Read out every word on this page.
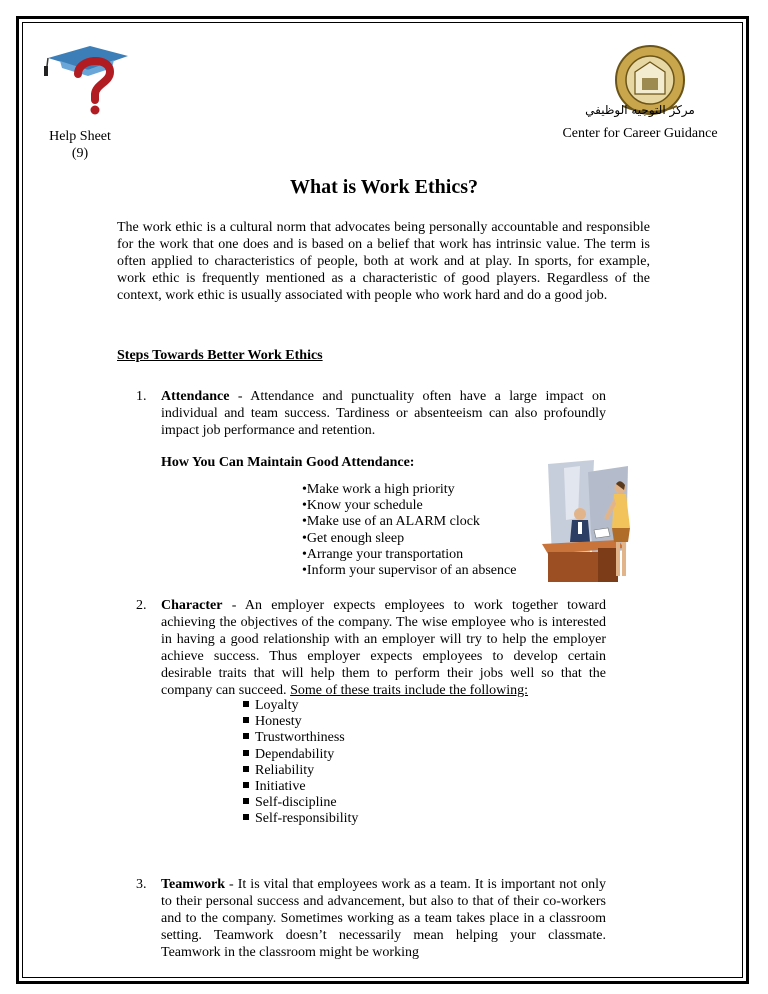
مركز التوجيه الوظيفي
Center for Career Guidance
Help Sheet
(9)
What is Work Ethics?

The work ethic is a cultural norm that advocates being personally accountable and responsible for the work that one does and is based on a belief that work has intrinsic value. The term is often applied to characteristics of people, both at work and at play. In sports, for example, work ethic is frequently mentioned as a characteristic of good players. Regardless of the context, work ethic is usually associated with people who work hard and do a good job.

Steps Towards Better Work Ethics

1. Attendance - Attendance and punctuality often have a large impact on individual and team success. Tardiness or absenteeism can also profoundly impact job performance and retention.

How You Can Maintain Good Attendance:
•Make work a high priority
•Know your schedule
•Make use of an ALARM clock
•Get enough sleep
•Arrange your transportation
•Inform your supervisor of an absence

2. Character - An employer expects employees to work together toward achieving the objectives of the company. The wise employee who is interested in having a good relationship with an employer will try to help the employer achieve success. Thus employer expects employees to develop certain desirable traits that will help them to perform their jobs well so that the company can succeed. Some of these traits include the following:

Loyalty
Honesty
Trustworthiness
Dependability
Reliability
Initiative
Self-discipline
Self-responsibility

3. Teamwork - It is vital that employees work as a team. It is important not only to their personal success and advancement, but also to that of their co-workers and to the company. Sometimes working as a team takes place in a classroom setting. Teamwork doesn’t necessarily mean helping your classmate. Teamwork in the classroom might be working
